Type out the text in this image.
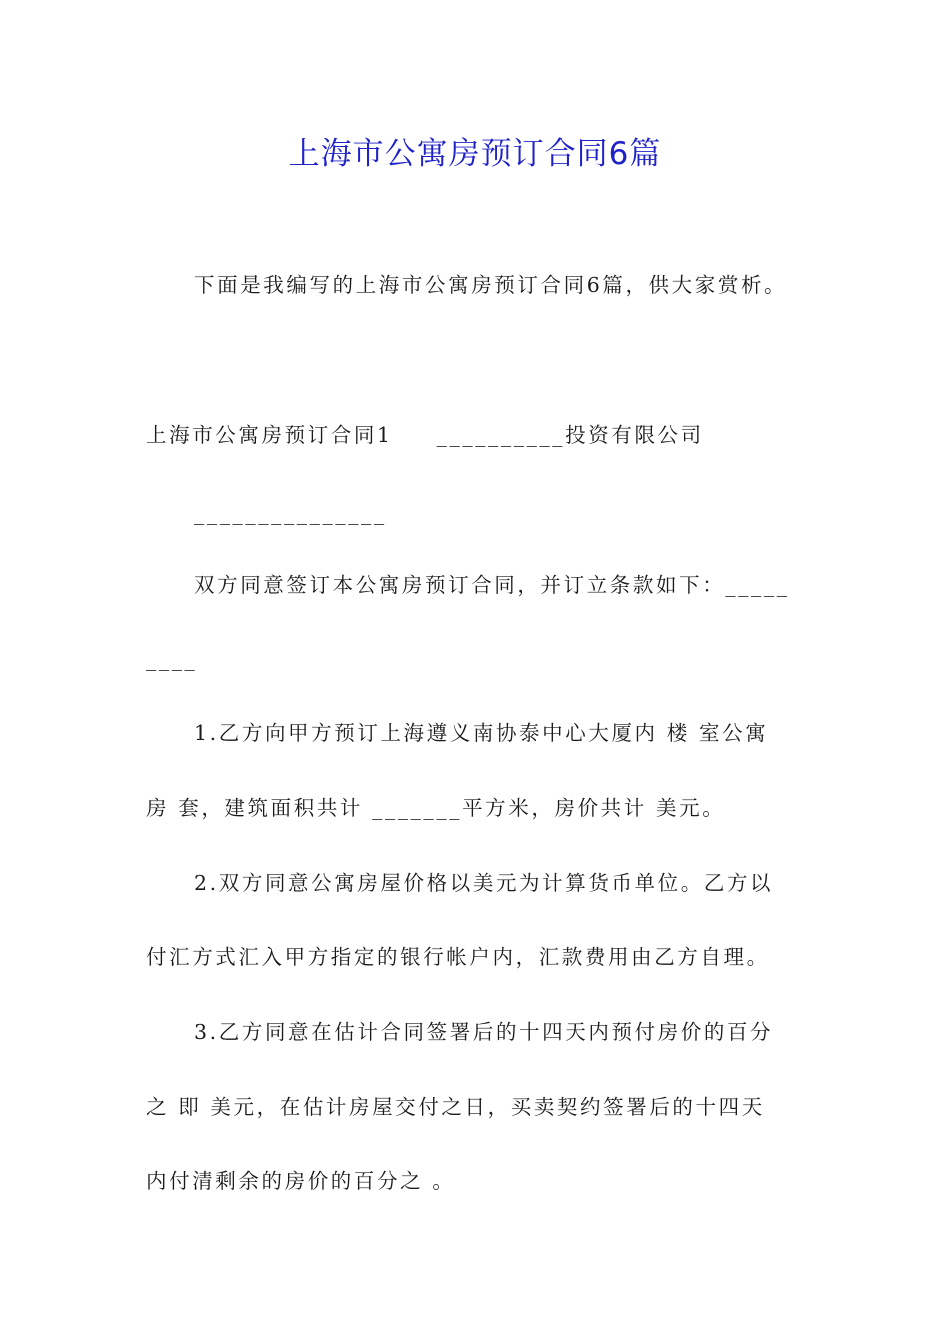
上海市公寓房预订合同6篇
下面是我编写的上海市公寓房预订合同6篇，供大家赏析。
上海市公寓房预订合同1 __________投资有限公司
_______________
双方同意签订本公寓房预订合同，并订立条款如下：_____
____
1.乙方向甲方预订上海遵义南协泰中心大厦内 楼 室公寓
房 套，建筑面积共计 _______平方米，房价共计 美元。
2.双方同意公寓房屋价格以美元为计算货币单位。乙方以
付汇方式汇入甲方指定的银行帐户内，汇款费用由乙方自理。
3.乙方同意在估计合同签署后的十四天内预付房价的百分
之 即 美元，在估计房屋交付之日，买卖契约签署后的十四天
内付清剩余的房价的百分之 。
